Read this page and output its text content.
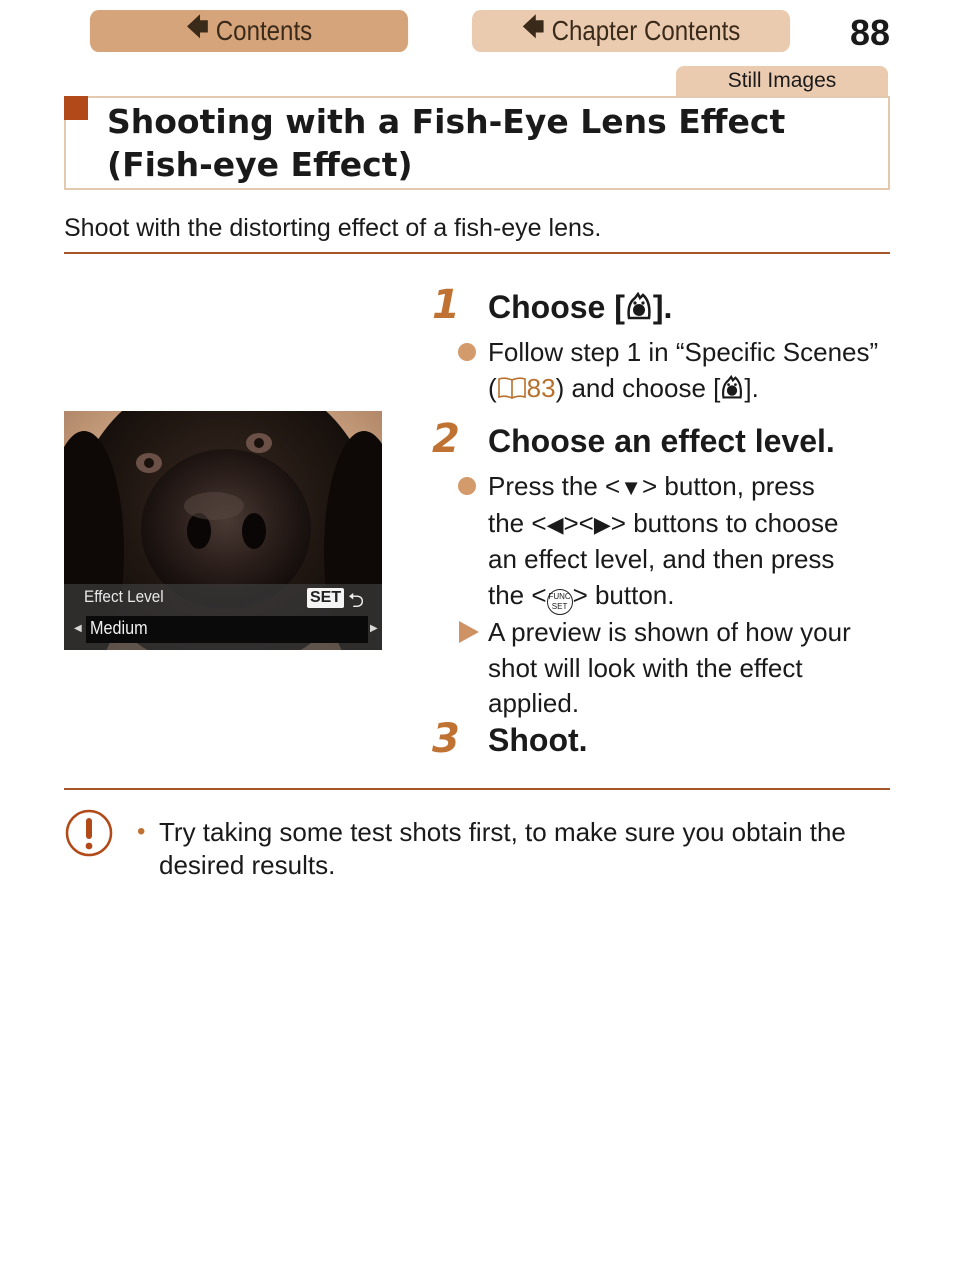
🡄 Contents	🡄 Chapter Contents	88
Still Images
Shooting with a Fish-Eye Lens Effect (Fish-eye Effect)
Shoot with the distorting effect of a fish-eye lens.
Effect Level	SET ⮌
Medium
◀	▶
1 Choose [ ].
Follow step 1 in “Specific Scenes”
( 83) and choose [ ].
2 Choose an effect level.
Press the <▼> button, press
the <◀><▶> buttons to choose
an effect level, and then press
the < FUNC
SET > button.
A preview is shown of how your shot will look with the effect applied.
3 Shoot.
• Try taking some test shots first, to make sure you obtain the desired results.
